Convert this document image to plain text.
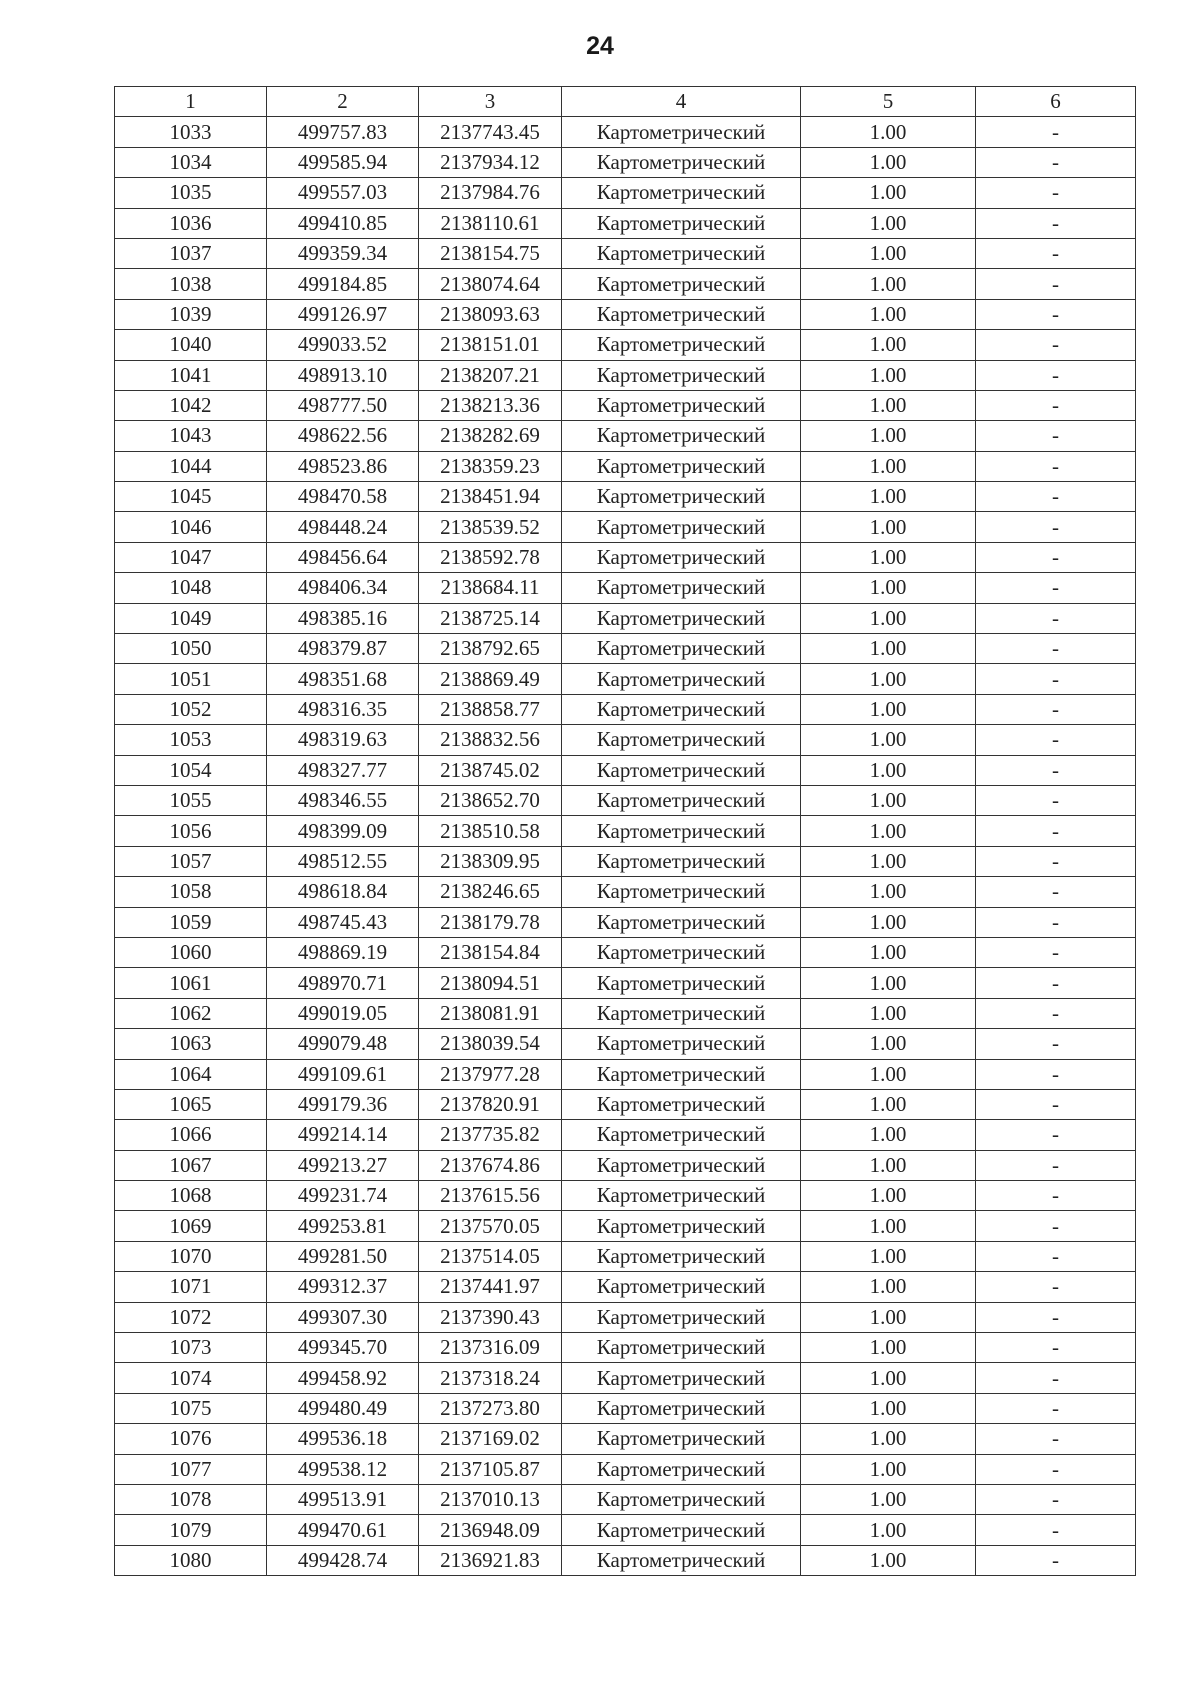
24
1	2	3	4	5	6
1033	499757.83	2137743.45	Картометрический	1.00	-
1034	499585.94	2137934.12	Картометрический	1.00	-
1035	499557.03	2137984.76	Картометрический	1.00	-
1036	499410.85	2138110.61	Картометрический	1.00	-
1037	499359.34	2138154.75	Картометрический	1.00	-
1038	499184.85	2138074.64	Картометрический	1.00	-
1039	499126.97	2138093.63	Картометрический	1.00	-
1040	499033.52	2138151.01	Картометрический	1.00	-
1041	498913.10	2138207.21	Картометрический	1.00	-
1042	498777.50	2138213.36	Картометрический	1.00	-
1043	498622.56	2138282.69	Картометрический	1.00	-
1044	498523.86	2138359.23	Картометрический	1.00	-
1045	498470.58	2138451.94	Картометрический	1.00	-
1046	498448.24	2138539.52	Картометрический	1.00	-
1047	498456.64	2138592.78	Картометрический	1.00	-
1048	498406.34	2138684.11	Картометрический	1.00	-
1049	498385.16	2138725.14	Картометрический	1.00	-
1050	498379.87	2138792.65	Картометрический	1.00	-
1051	498351.68	2138869.49	Картометрический	1.00	-
1052	498316.35	2138858.77	Картометрический	1.00	-
1053	498319.63	2138832.56	Картометрический	1.00	-
1054	498327.77	2138745.02	Картометрический	1.00	-
1055	498346.55	2138652.70	Картометрический	1.00	-
1056	498399.09	2138510.58	Картометрический	1.00	-
1057	498512.55	2138309.95	Картометрический	1.00	-
1058	498618.84	2138246.65	Картометрический	1.00	-
1059	498745.43	2138179.78	Картометрический	1.00	-
1060	498869.19	2138154.84	Картометрический	1.00	-
1061	498970.71	2138094.51	Картометрический	1.00	-
1062	499019.05	2138081.91	Картометрический	1.00	-
1063	499079.48	2138039.54	Картометрический	1.00	-
1064	499109.61	2137977.28	Картометрический	1.00	-
1065	499179.36	2137820.91	Картометрический	1.00	-
1066	499214.14	2137735.82	Картометрический	1.00	-
1067	499213.27	2137674.86	Картометрический	1.00	-
1068	499231.74	2137615.56	Картометрический	1.00	-
1069	499253.81	2137570.05	Картометрический	1.00	-
1070	499281.50	2137514.05	Картометрический	1.00	-
1071	499312.37	2137441.97	Картометрический	1.00	-
1072	499307.30	2137390.43	Картометрический	1.00	-
1073	499345.70	2137316.09	Картометрический	1.00	-
1074	499458.92	2137318.24	Картометрический	1.00	-
1075	499480.49	2137273.80	Картометрический	1.00	-
1076	499536.18	2137169.02	Картометрический	1.00	-
1077	499538.12	2137105.87	Картометрический	1.00	-
1078	499513.91	2137010.13	Картометрический	1.00	-
1079	499470.61	2136948.09	Картометрический	1.00	-
1080	499428.74	2136921.83	Картометрический	1.00	-
